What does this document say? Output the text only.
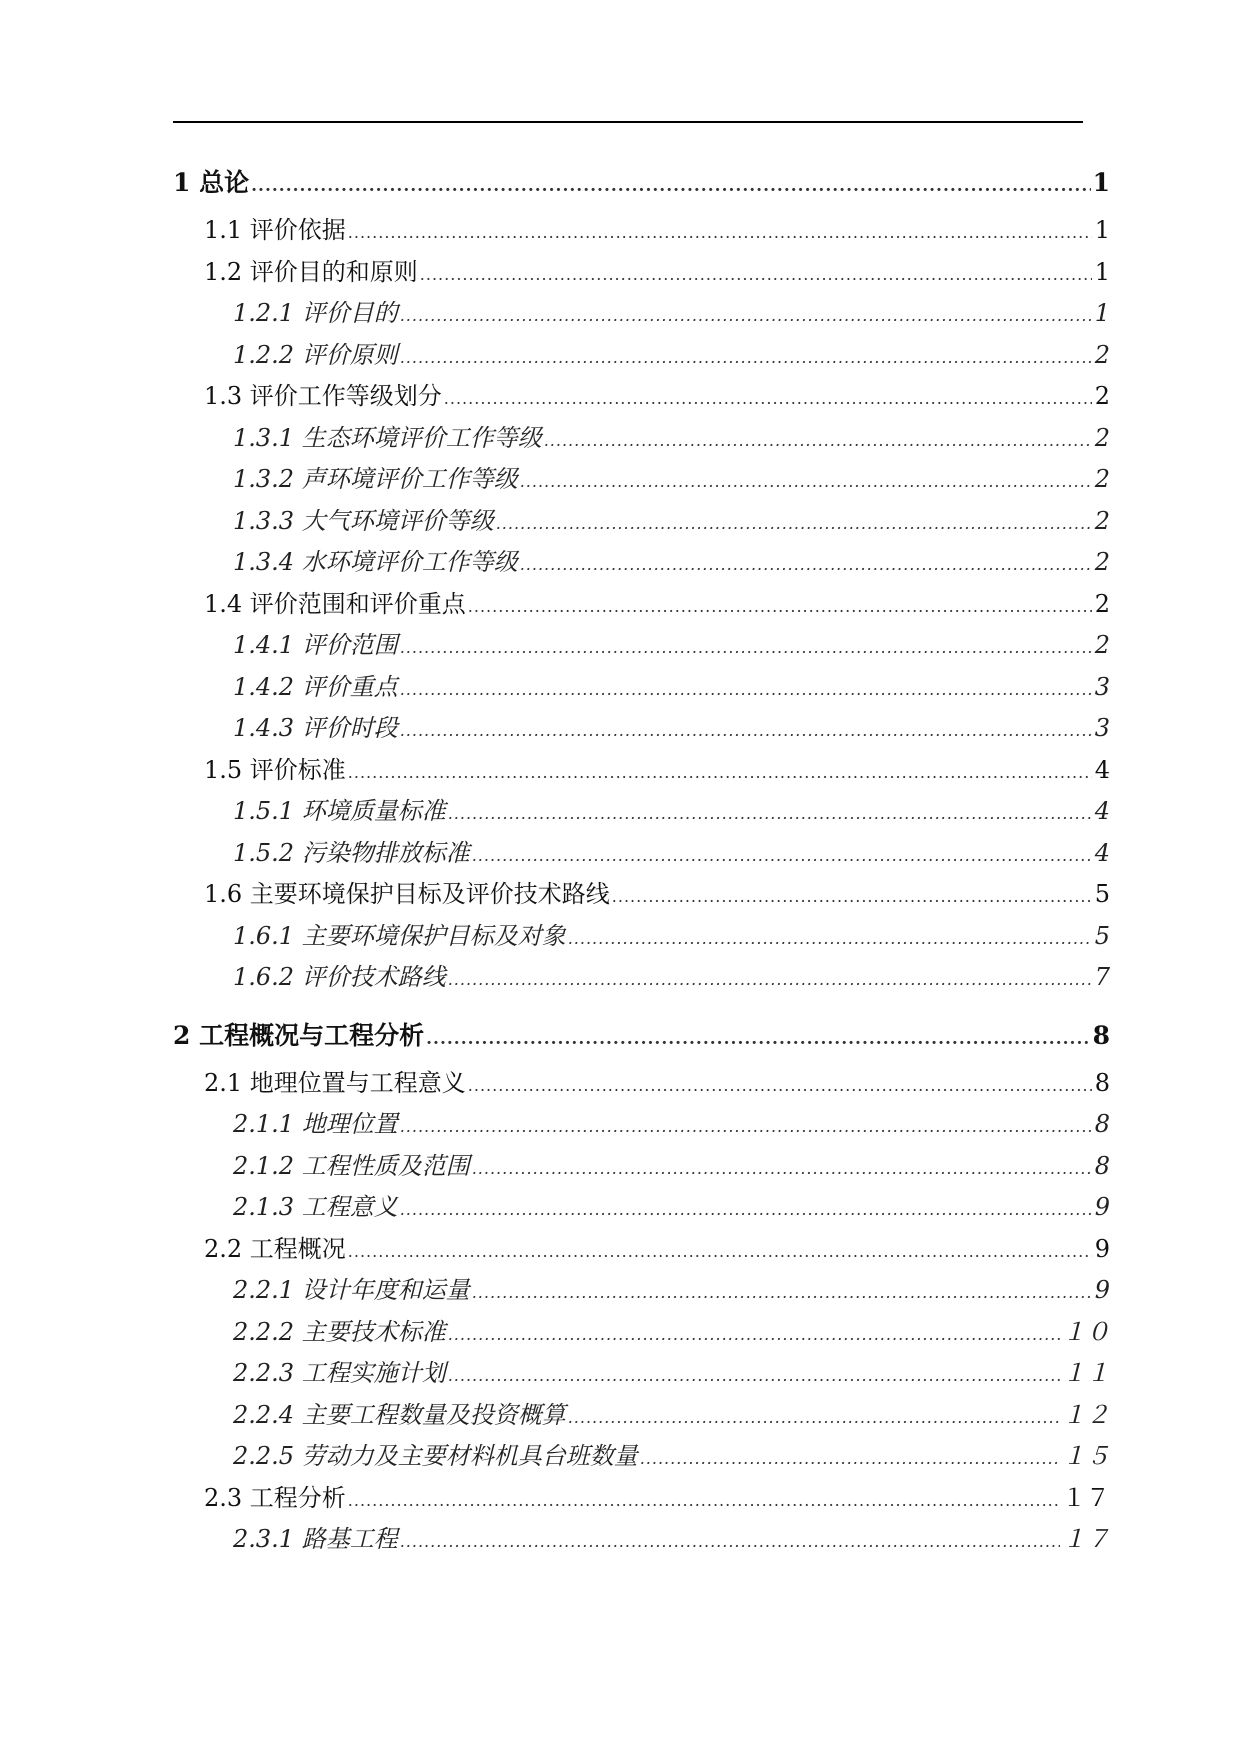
1 总论 .....	1
1.1 评价依据 .....	1
1.2 评价目的和原则 .....	1
1.2.1 评价目的 .....	1
1.2.2 评价原则 .....	2
1.3 评价工作等级划分 .....	2
1.3.1 生态环境评价工作等级 .....	2
1.3.2 声环境评价工作等级 .....	2
1.3.3 大气环境评价等级 .....	2
1.3.4 水环境评价工作等级 .....	2
1.4 评价范围和评价重点 .....	2
1.4.1 评价范围 .....	2
1.4.2 评价重点 .....	3
1.4.3 评价时段 .....	3
1.5 评价标准 .....	4
1.5.1 环境质量标准 .....	4
1.5.2 污染物排放标准 .....	4
1.6 主要环境保护目标及评价技术路线 .....	5
1.6.1 主要环境保护目标及对象 .....	5
1.6.2 评价技术路线 .....	7
2 工程概况与工程分析 .....	8
2.1 地理位置与工程意义 .....	8
2.1.1 地理位置 .....	8
2.1.2 工程性质及范围 .....	8
2.1.3 工程意义 .....	9
2.2 工程概况 .....	9
2.2.1 设计年度和运量 .....	9
2.2.2 主要技术标准 .....	１０
2.2.3 工程实施计划 .....	１１
2.2.4 主要工程数量及投资概算 .....	１２
2.2.5 劳动力及主要材料机具台班数量 .....	１５
2.3 工程分析 .....	１７
2.3.1 路基工程 .....	１７
